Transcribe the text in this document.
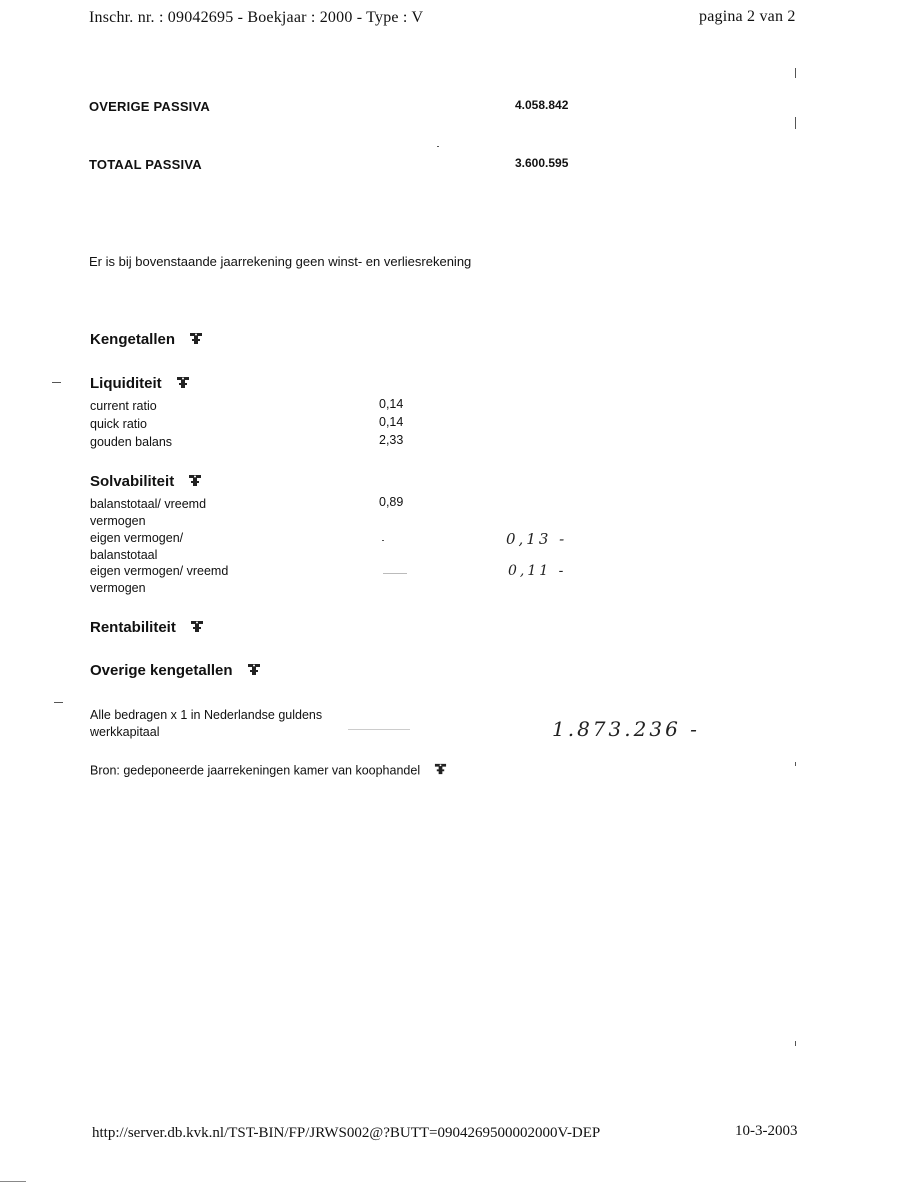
Inschr. nr. : 09042695 - Boekjaar : 2000 - Type : V	pagina 2 van 2
OVERIGE PASSIVA	4.058.842
TOTAAL PASSIVA	3.600.595
Er is bij bovenstaande jaarrekening geen winst- en verliesrekening
Kengetallen
Liquiditeit
current ratio	0,14
quick ratio	0,14
gouden balans	2,33
Solvabiliteit
balanstotaal/ vreemd
vermogen
0,89
eigen vermogen/
balanstotaal
0,13 -
eigen vermogen/ vreemd
vermogen
0,11 -
Rentabiliteit
Overige kengetallen
Alle bedragen x 1 in Nederlandse guldens
werkkapitaal	1.873.236 -
Bron: gedeponeerde jaarrekeningen kamer van koophandel
http://server.db.kvk.nl/TST-BIN/FP/JRWS002@?BUTT=0904269500002000V-DEP	10-3-2003
